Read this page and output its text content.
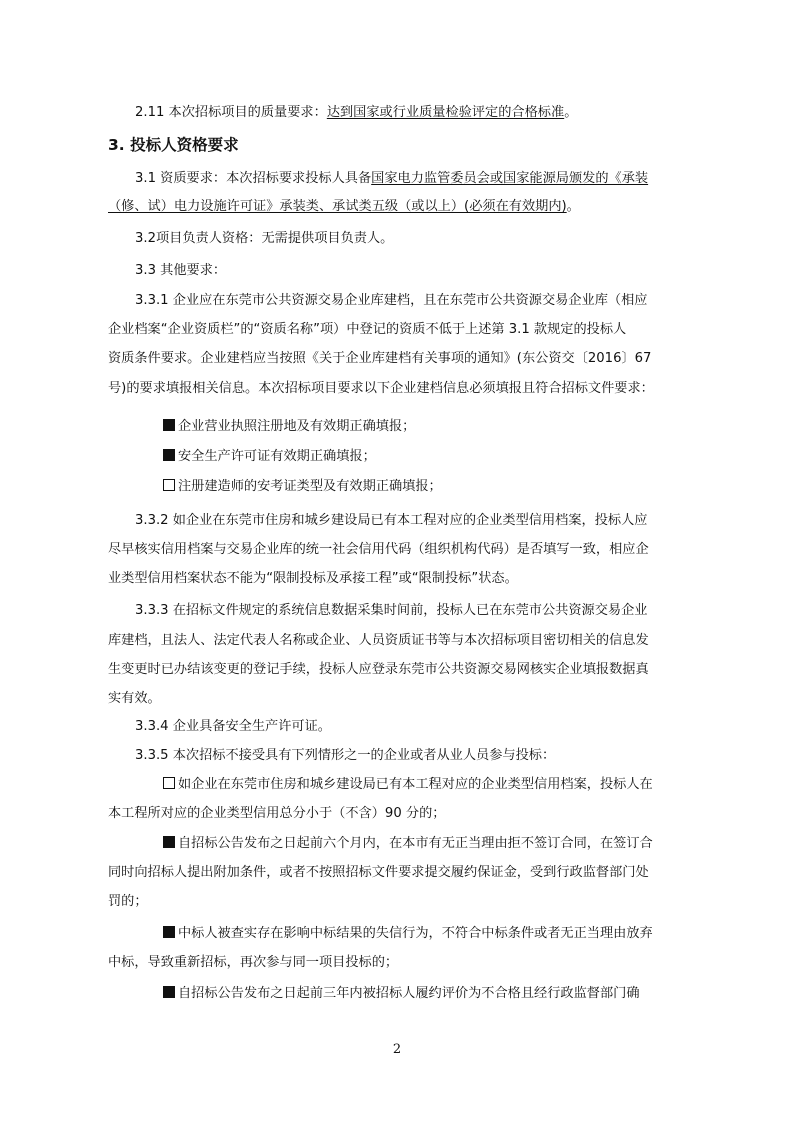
2.11 本次招标项目的质量要求：达到国家或行业质量检验评定的合格标准。
3. 投标人资格要求
3.1 资质要求：本次招标要求投标人具备国家电力监管委员会或国家能源局颁发的《承装
（修、试）电力设施许可证》承装类、承试类五级（或以上）(必须在有效期内)。
3.2项目负责人资格：无需提供项目负责人。
3.3 其他要求：
3.3.1 企业应在东莞市公共资源交易企业库建档，且在东莞市公共资源交易企业库（相应
企业档案“企业资质栏”的“资质名称”项）中登记的资质不低于上述第 3.1 款规定的投标人
资质条件要求。企业建档应当按照《关于企业库建档有关事项的通知》(东公资交〔2016〕67
号)的要求填报相关信息。本次招标项目要求以下企业建档信息必须填报且符合招标文件要求：
企业营业执照注册地及有效期正确填报；
安全生产许可证有效期正确填报；
注册建造师的安考证类型及有效期正确填报；
3.3.2 如企业在东莞市住房和城乡建设局已有本工程对应的企业类型信用档案，投标人应
尽早核实信用档案与交易企业库的统一社会信用代码（组织机构代码）是否填写一致，相应企
业类型信用档案状态不能为“限制投标及承接工程”或“限制投标”状态。
3.3.3 在招标文件规定的系统信息数据采集时间前，投标人已在东莞市公共资源交易企业
库建档，且法人、法定代表人名称或企业、人员资质证书等与本次招标项目密切相关的信息发
生变更时已办结该变更的登记手续，投标人应登录东莞市公共资源交易网核实企业填报数据真
实有效。
3.3.4 企业具备安全生产许可证。
3.3.5 本次招标不接受具有下列情形之一的企业或者从业人员参与投标：
如企业在东莞市住房和城乡建设局已有本工程对应的企业类型信用档案，投标人在
本工程所对应的企业类型信用总分小于（不含）90 分的；
自招标公告发布之日起前六个月内，在本市有无正当理由拒不签订合同，在签订合
同时向招标人提出附加条件，或者不按照招标文件要求提交履约保证金，受到行政监督部门处
罚的；
中标人被查实存在影响中标结果的失信行为，不符合中标条件或者无正当理由放弃
中标，导致重新招标，再次参与同一项目投标的；
自招标公告发布之日起前三年内被招标人履约评价为不合格且经行政监督部门确
2
